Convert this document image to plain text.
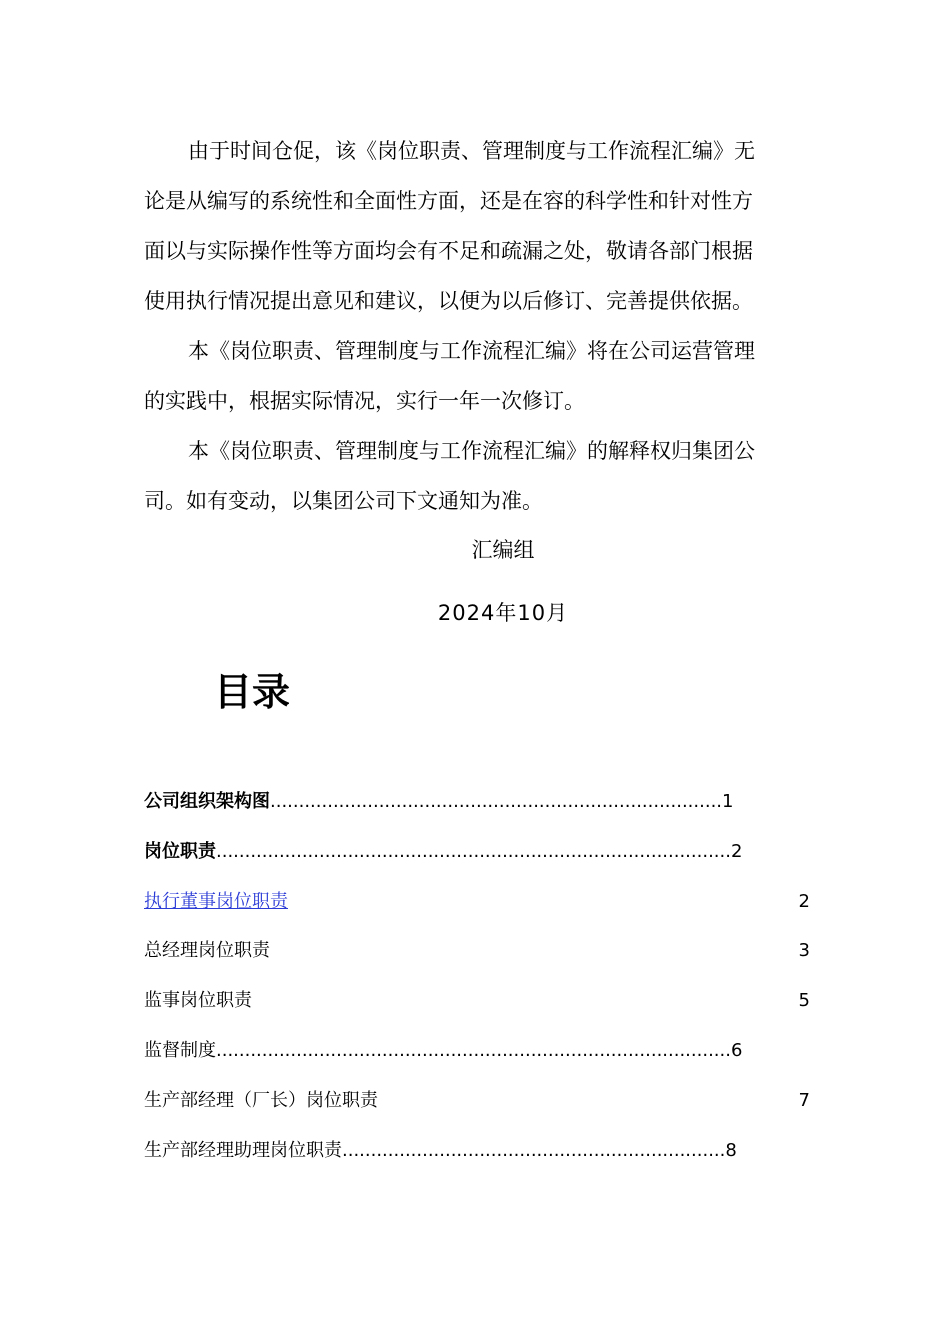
由于时间仓促，该《岗位职责、管理制度与工作流程汇编》无
论是从编写的系统性和全面性方面，还是在容的科学性和针对性方
面以与实际操作性等方面均会有不足和疏漏之处，敬请各部门根据
使用执行情况提出意见和建议，以便为以后修订、完善提供依据。
本《岗位职责、管理制度与工作流程汇编》将在公司运营管理
的实践中，根据实际情况，实行一年一次修订。
本《岗位职责、管理制度与工作流程汇编》的解释权归集团公
司。如有变动，以集团公司下文通知为准。
汇编组
2024年10月
目录
公司组织架构图...............................................................................1
岗位职责..........................................................................................2
执行董事岗位职责	2
总经理岗位职责	3
监事岗位职责	5
监督制度..........................................................................................6
生产部经理（厂长）岗位职责	7
生产部经理助理岗位职责...................................................................8
